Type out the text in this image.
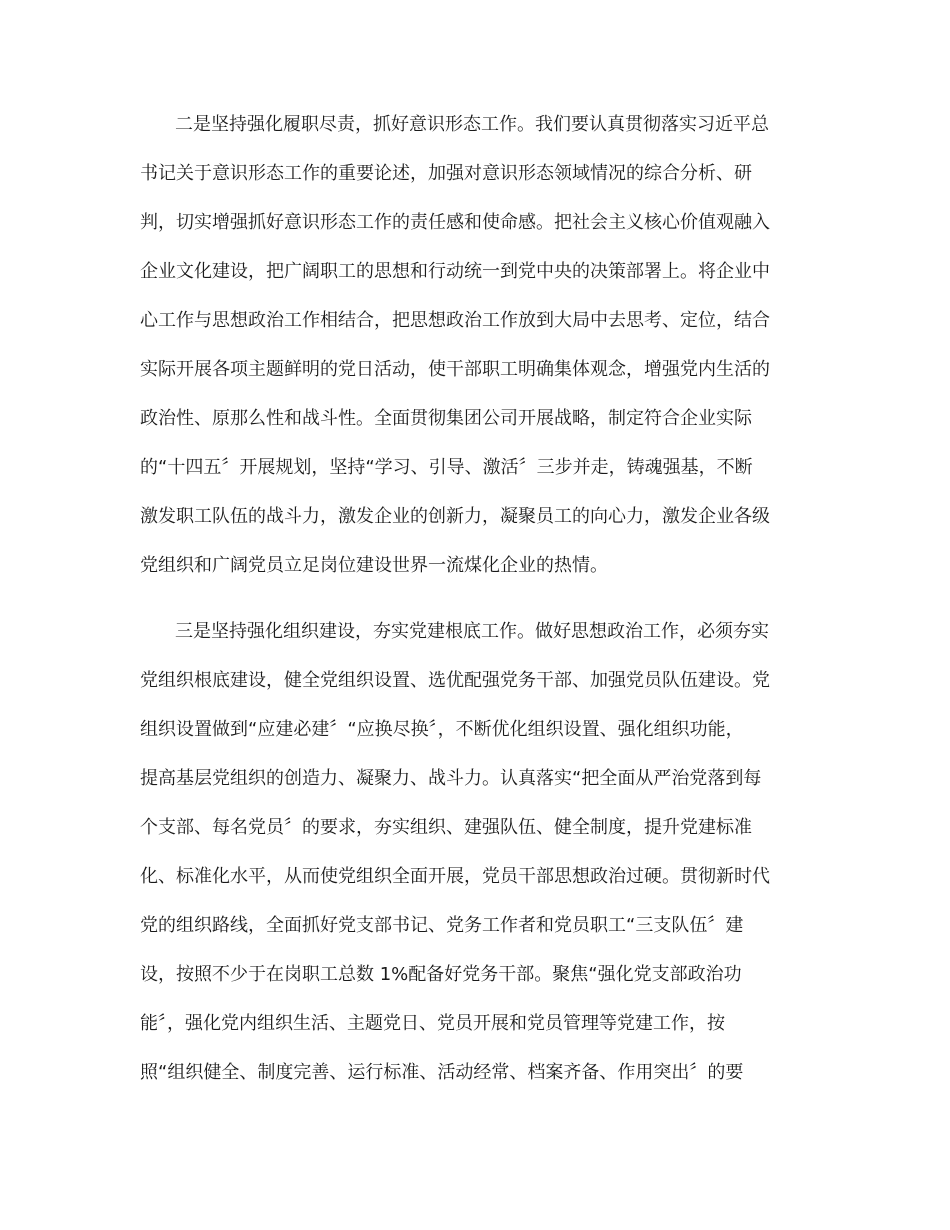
二是坚持强化履职尽责，抓好意识形态工作。我们要认真贯彻落实习近平总

书记关于意识形态工作的重要论述，加强对意识形态领域情况的综合分析、研

判，切实增强抓好意识形态工作的责任感和使命感。把社会主义核心价值观融入

企业文化建设，把广阔职工的思想和行动统一到党中央的决策部署上。将企业中

心工作与思想政治工作相结合，把思想政治工作放到大局中去思考、定位，结合

实际开展各项主题鲜明的党日活动，使干部职工明确集体观念，增强党内生活的

政治性、原那么性和战斗性。全面贯彻集团公司开展战略，制定符合企业实际

的“十四五〞开展规划，坚持“学习、引导、激活〞三步并走，铸魂强基，不断

激发职工队伍的战斗力，激发企业的创新力，凝聚员工的向心力，激发企业各级

党组织和广阔党员立足岗位建设世界一流煤化企业的热情。

三是坚持强化组织建设，夯实党建根底工作。做好思想政治工作，必须夯实

党组织根底建设，健全党组织设置、选优配强党务干部、加强党员队伍建设。党

组织设置做到“应建必建〞“应换尽换〞，不断优化组织设置、强化组织功能，

提高基层党组织的创造力、凝聚力、战斗力。认真落实“把全面从严治党落到每

个支部、每名党员〞的要求，夯实组织、建强队伍、健全制度，提升党建标准

化、标准化水平，从而使党组织全面开展，党员干部思想政治过硬。贯彻新时代

党的组织路线，全面抓好党支部书记、党务工作者和党员职工“三支队伍〞建

设，按照不少于在岗职工总数 1%配备好党务干部。聚焦“强化党支部政治功

能〞，强化党内组织生活、主题党日、党员开展和党员管理等党建工作，按

照“组织健全、制度完善、运行标准、活动经常、档案齐备、作用突出〞的要
